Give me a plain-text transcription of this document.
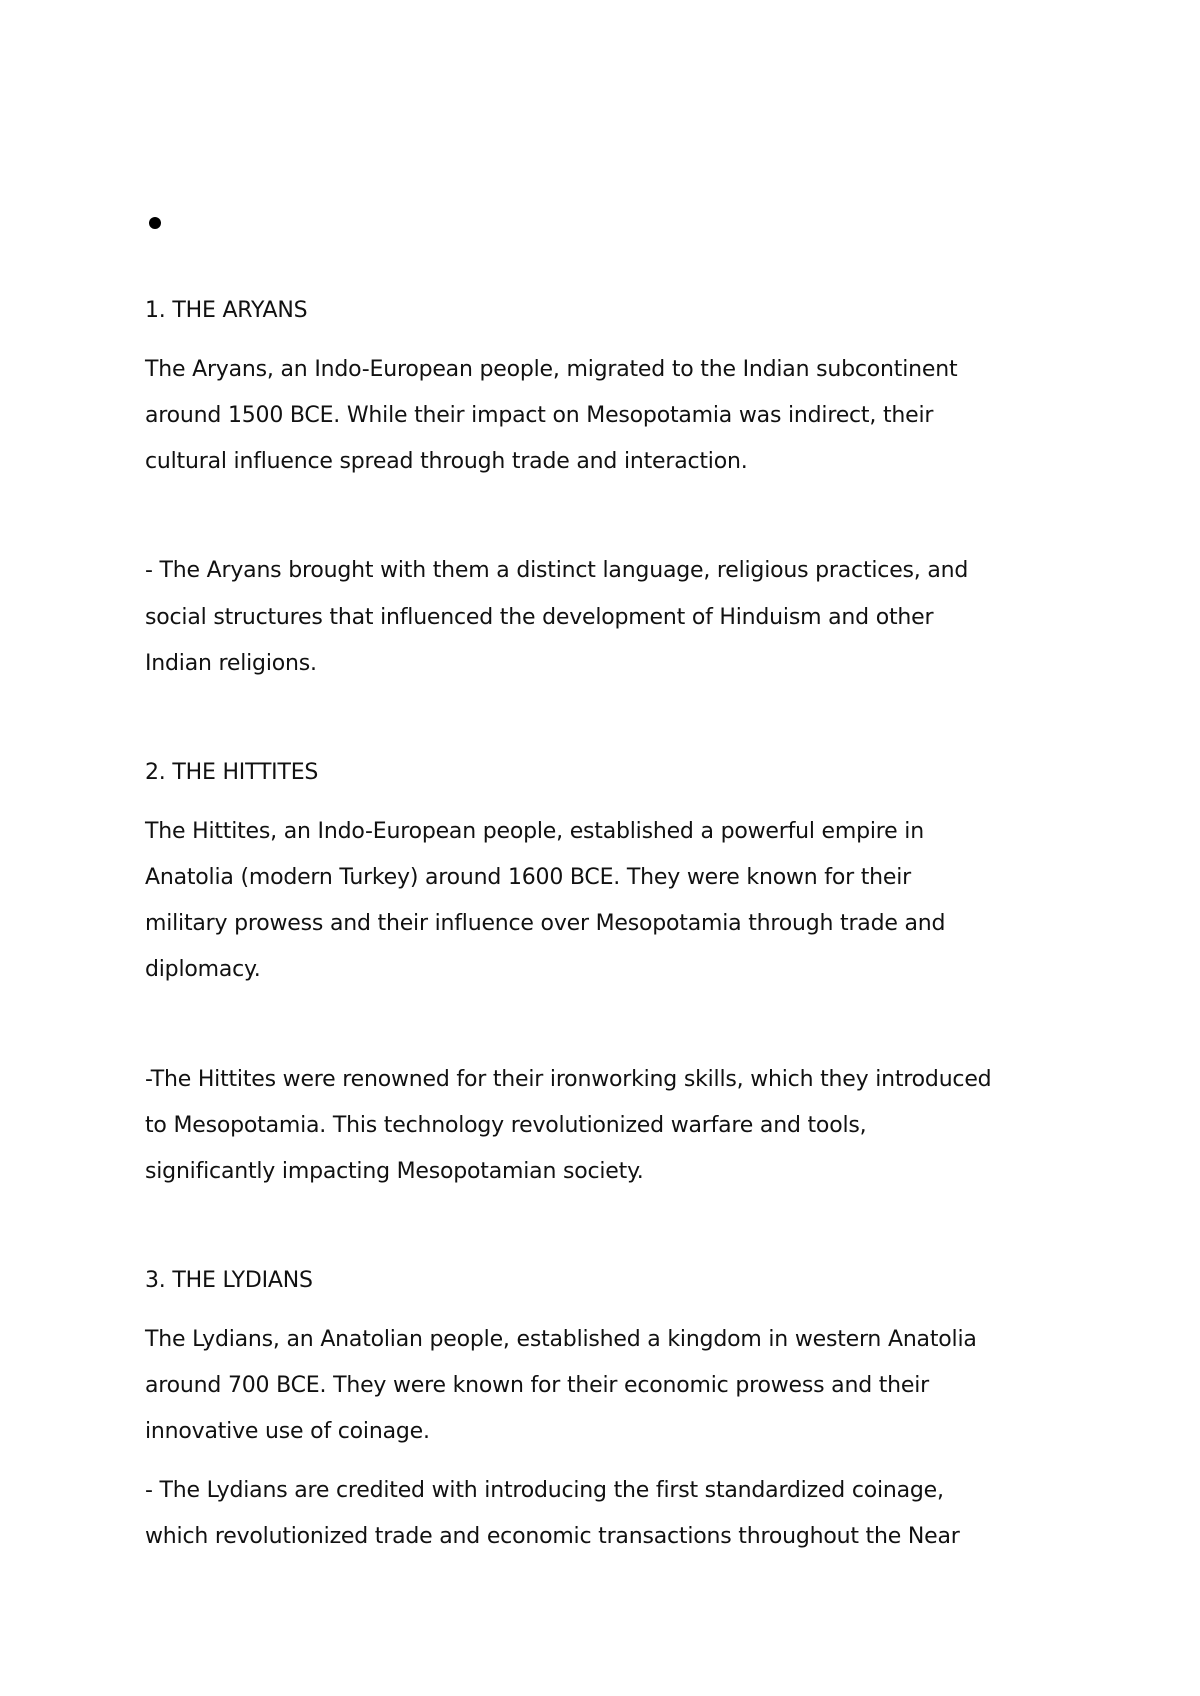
1. THE ARYANS

The Aryans, an Indo-European people, migrated to the Indian subcontinent

around 1500 BCE. While their impact on Mesopotamia was indirect, their

cultural influence spread through trade and interaction.

- The Aryans brought with them a distinct language, religious practices, and

social structures that influenced the development of Hinduism and other

Indian religions.

2. THE HITTITES

The Hittites, an Indo-European people, established a powerful empire in

Anatolia (modern Turkey) around 1600 BCE. They were known for their

military prowess and their influence over Mesopotamia through trade and

diplomacy.

-The Hittites were renowned for their ironworking skills, which they introduced

to Mesopotamia. This technology revolutionized warfare and tools,

significantly impacting Mesopotamian society.

3. THE LYDIANS

The Lydians, an Anatolian people, established a kingdom in western Anatolia

around 700 BCE. They were known for their economic prowess and their

innovative use of coinage.

- The Lydians are credited with introducing the first standardized coinage,

which revolutionized trade and economic transactions throughout the Near
